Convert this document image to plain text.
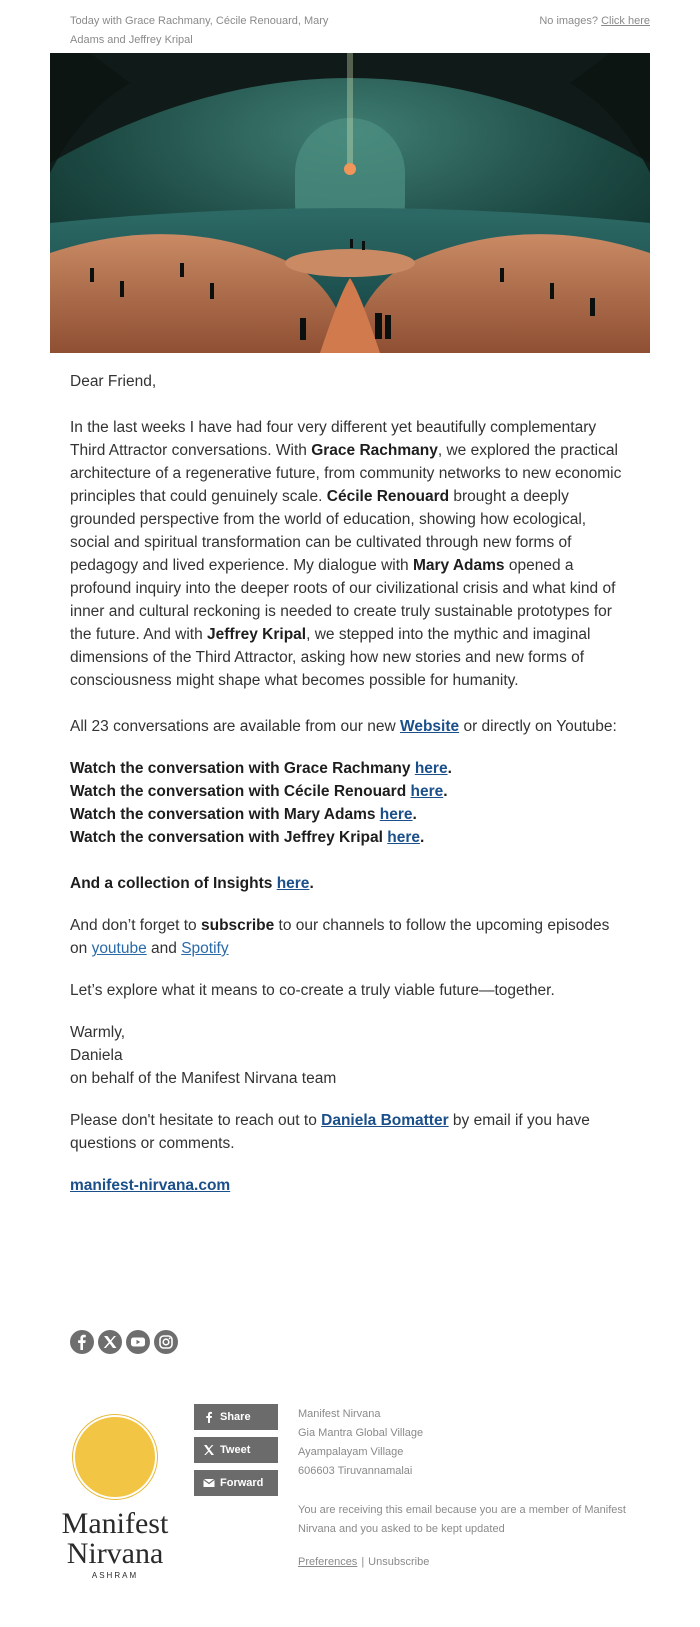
Today with Grace Rachmany, Cécile Renouard, Mary Adams and Jeffrey Kripal
No images? Click here

Dear Friend,

In the last weeks I have had four very different yet beautifully complementary Third Attractor conversations. With Grace Rachmany, we explored the practical architecture of a regenerative future, from community networks to new economic principles that could genuinely scale. Cécile Renouard brought a deeply grounded perspective from the world of education, showing how ecological, social and spiritual transformation can be cultivated through new forms of pedagogy and lived experience. My dialogue with Mary Adams opened a profound inquiry into the deeper roots of our civilizational crisis and what kind of inner and cultural reckoning is needed to create truly sustainable prototypes for the future. And with Jeffrey Kripal, we stepped into the mythic and imaginal dimensions of the Third Attractor, asking how new stories and new forms of consciousness might shape what becomes possible for humanity.

All 23 conversations are available from our new Website or directly on Youtube:

Watch the conversation with Grace Rachmany here.

Watch the conversation with Cécile Renouard here.

Watch the conversation with Mary Adams here.

Watch the conversation with Jeffrey Kripal here.

And a collection of Insights here.

And don’t forget to subscribe to our channels to follow the upcoming episodes on youtube and Spotify

Let’s explore what it means to co-create a truly viable future—together.

Warmly,

Daniela

on behalf of the Manifest Nirvana team

Please don't hesitate to reach out to Daniela Bomatter by email if you have questions or comments.

manifest-nirvana.com

Manifest
Nirvana
ASHRAM
Share
Tweet
Forward
Manifest Nirvana
Gia Mantra Global Village
Ayampalayam Village
606603 Tiruvannamalai
You are receiving this email because you are a member of Manifest Nirvana and you asked to be kept updated
Preferences | Unsubscribe
